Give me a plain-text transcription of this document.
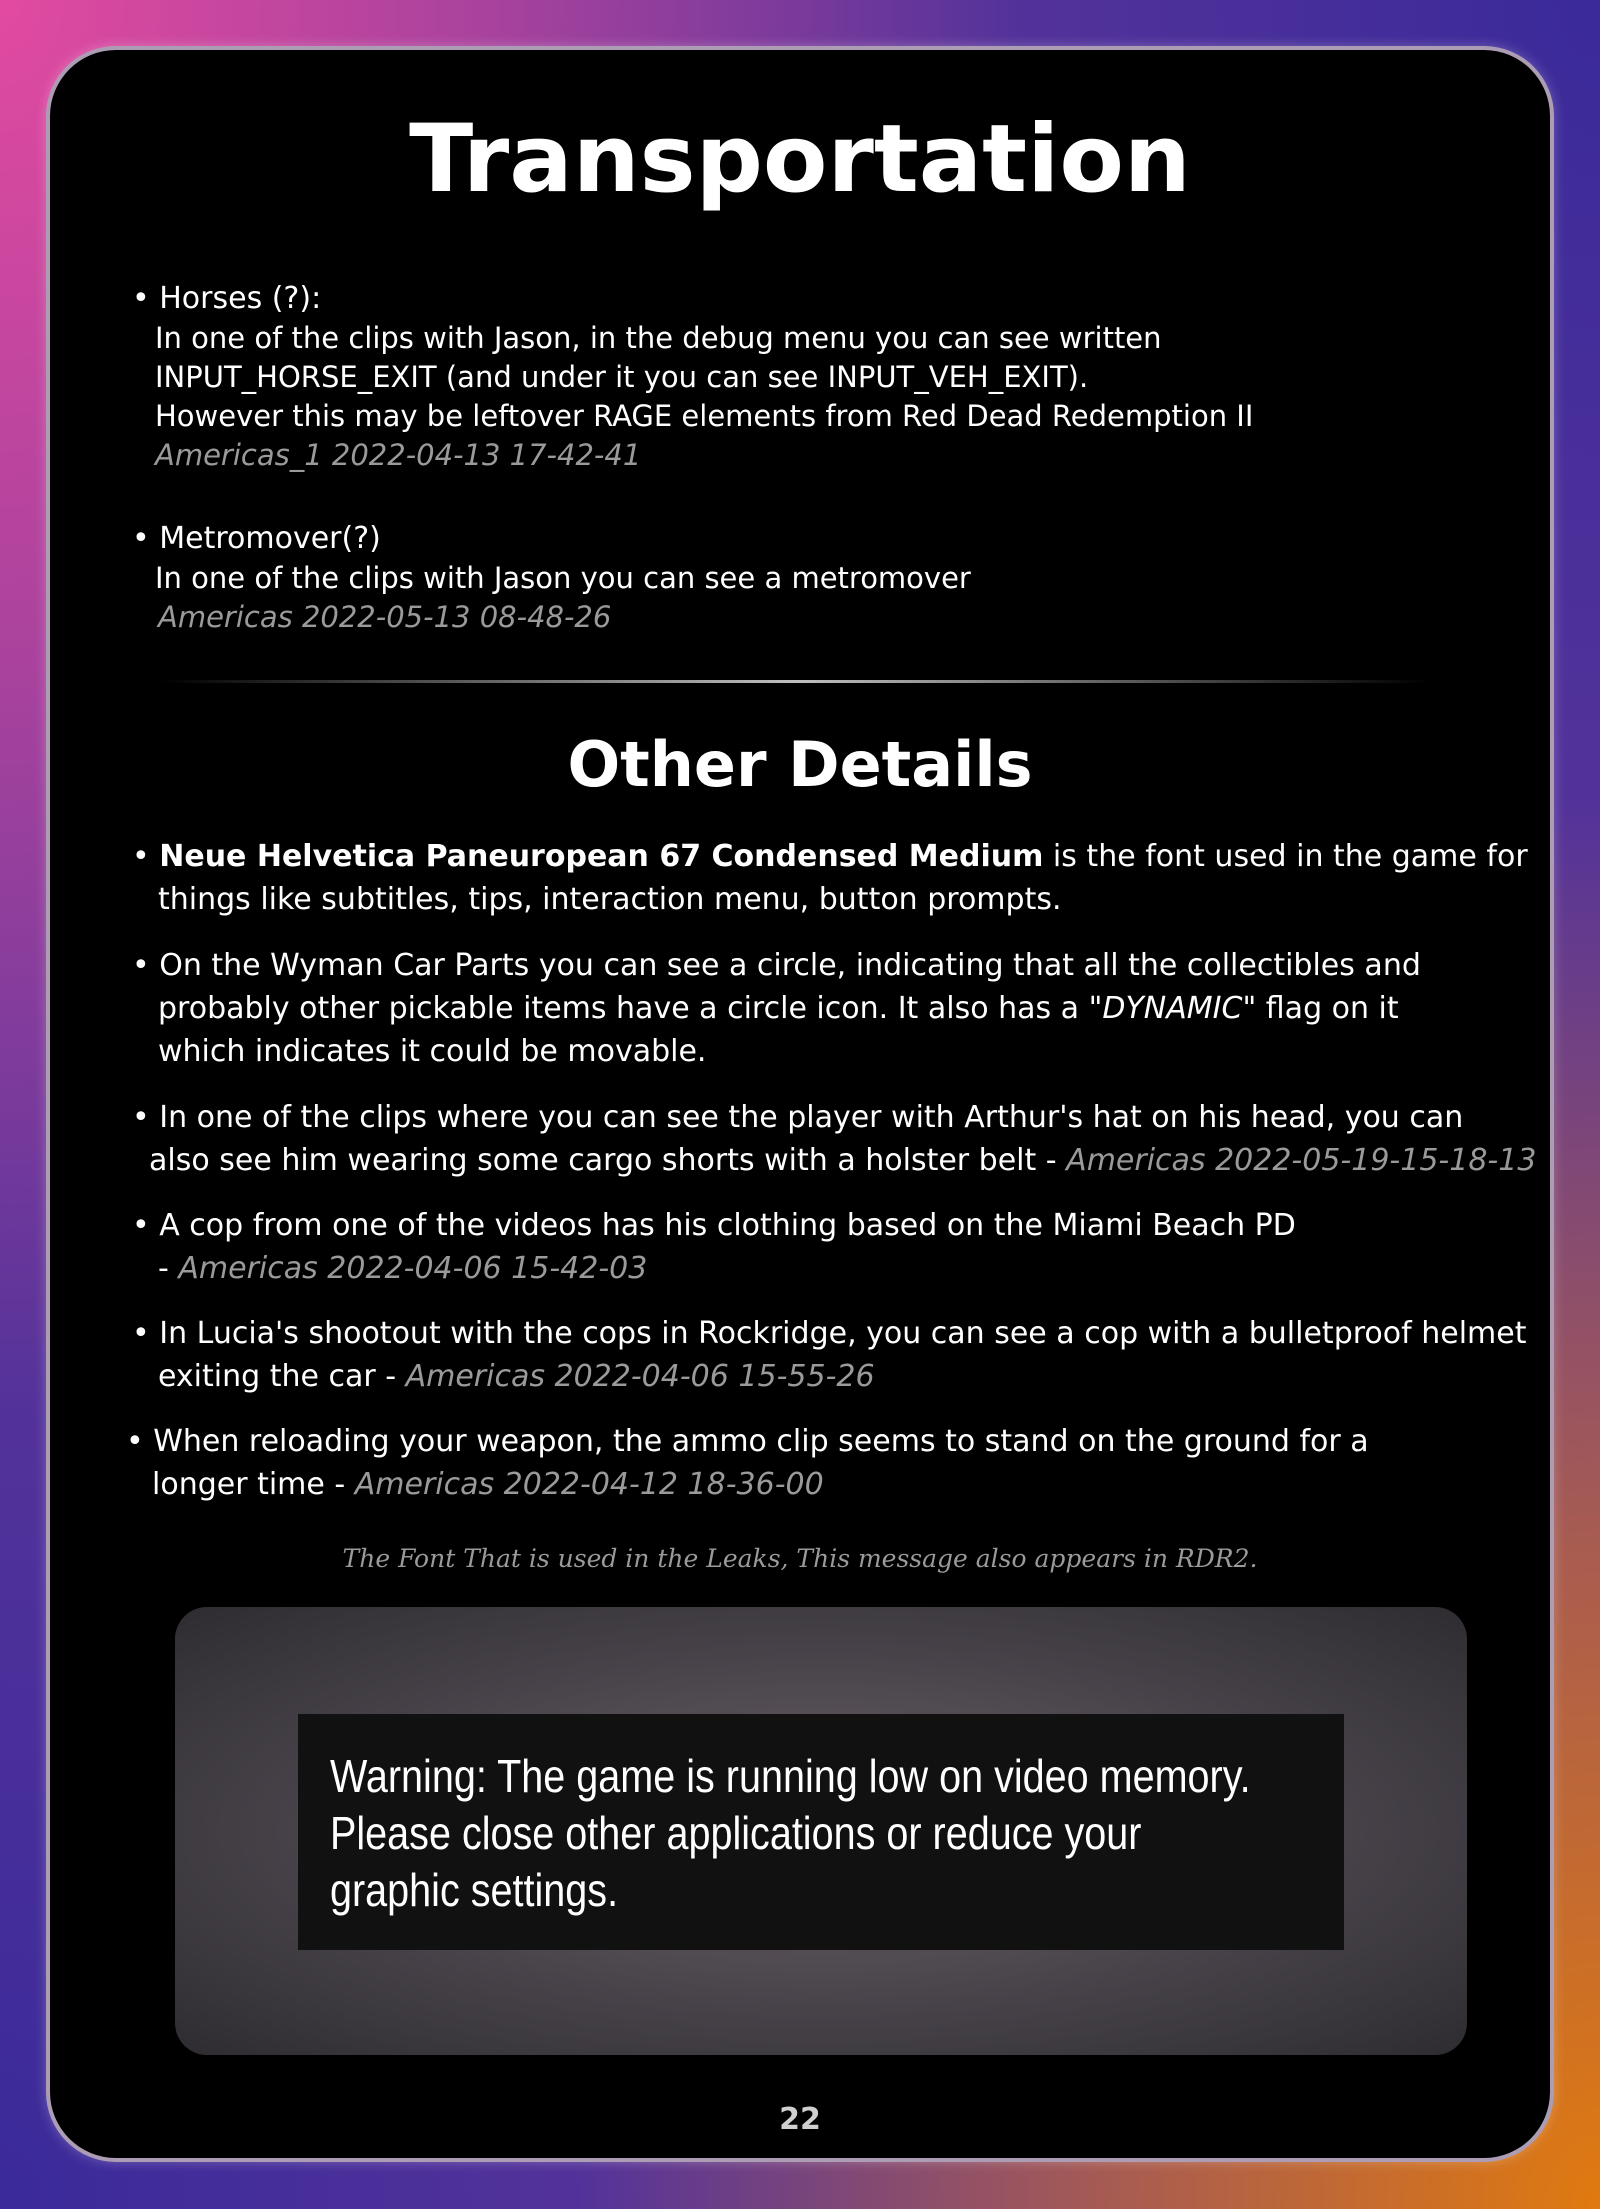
Transportation
• Horses (?):
In one of the clips with Jason, in the debug menu you can see written
INPUT_HORSE_EXIT (and under it you can see INPUT_VEH_EXIT).
However this may be leftover RAGE elements from Red Dead Redemption II
Americas_1 2022-04-13 17-42-41
• Metromover(?)
In one of the clips with Jason you can see a metromover
Americas 2022-05-13 08-48-26
Other Details
• Neue Helvetica Paneuropean 67 Condensed Medium is the font used in the game for
things like subtitles, tips, interaction menu, button prompts.
• On the Wyman Car Parts you can see a circle, indicating that all the collectibles and
probably other pickable items have a circle icon. It also has a "DYNAMIC" flag on it
which indicates it could be movable.
• In one of the clips where you can see the player with Arthur's hat on his head, you can
also see him wearing some cargo shorts with a holster belt - Americas 2022-05-19-15-18-13
• A cop from one of the videos has his clothing based on the Miami Beach PD
- Americas 2022-04-06 15-42-03
• In Lucia's shootout with the cops in Rockridge, you can see a cop with a bulletproof helmet
exiting the car - Americas 2022-04-06 15-55-26
• When reloading your weapon, the ammo clip seems to stand on the ground for a
longer time - Americas 2022-04-12 18-36-00
The Font That is used in the Leaks, This message also appears in RDR2.
Warning: The game is running low on video memory.
Please close other applications or reduce your
graphic settings.
22
